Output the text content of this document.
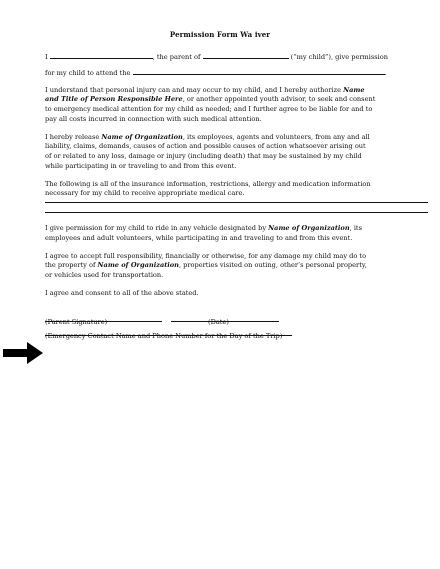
Permission Form Wa iver
I	, the parent of	(“my child”), give permission
for my child to attend the	.
I understand that personal injury can and may occur to my child, and I hereby authorize Name
and Title of Person Responsible Here, or another appointed youth advisor, to seek and consent
to emergency medical attention for my child as needed; and I further agree to be liable for and to
pay all costs incurred in connection with such medical attention.
I hereby release Name of Organization, its employees, agents and volunteers, from any and all
liability, claims, demands, causes of action and possible causes of action whatsoever arising out
of or related to any loss, damage or injury (including death) that may be sustained by my child
while participating in or traveling to and from this event.
The following is all of the insurance information, restrictions, allergy and medication information
necessary for my child to receive appropriate medical care.
I give permission for my child to ride in any vehicle designated by Name of Organization, its
employees and adult volunteers, while participating in and traveling to and from this event.
I agree to accept full responsibility, financially or otherwise, for any damage my child may do to
the property of Name of Organization, properties visited on outing, other’s personal property,
or vehicles used for transportation.
I agree and consent to all of the above stated.

(Parent Signature)	(Date)
(Emergency Contact Name and Phone Number for the Day of the Trip)
